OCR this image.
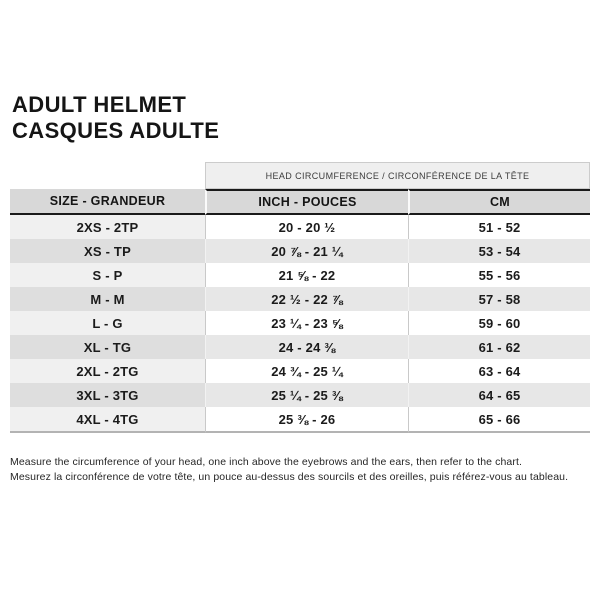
ADULT HELMET
CASQUES ADULTE
	HEAD CIRCUMFERENCE / CIRCONFÉRENCE DE LA TÊTE	
SIZE - GRANDEUR	INCH - POUCES	CM
2XS - 2TP	20 - 20 ½	51 - 52
XS - TP	20 ⅞ - 21 ¼	53 - 54
S - P	21 ⅝ - 22	55 - 56
M - M	22 ½ - 22 ⅞	57 - 58
L - G	23 ¼ - 23 ⅝	59 - 60
XL - TG	24 - 24 ⅜	61 - 62
2XL - 2TG	24 ¾ - 25 ¼	63 - 64
3XL - 3TG	25 ¼ - 25 ⅜	64 - 65
4XL - 4TG	25 ⅜ - 26	65 - 66
Measure the circumference of your head, one inch above the eyebrows and the ears, then refer to the chart.
Mesurez la circonférence de votre tête, un pouce au-dessus des sourcils et des oreilles, puis référez-vous au tableau.
